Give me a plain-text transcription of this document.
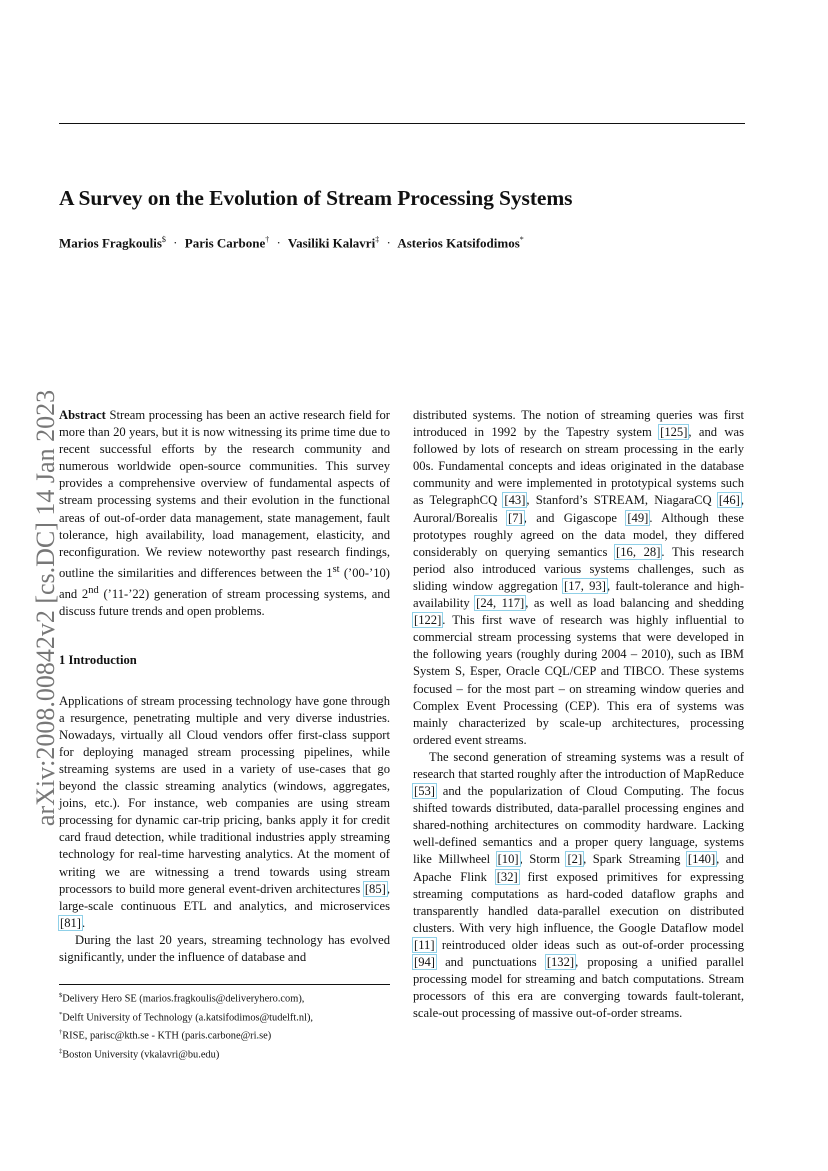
A Survey on the Evolution of Stream Processing Systems
Marios Fragkoulis$ · Paris Carbone† · Vasiliki Kalavri‡ · Asterios Katsifodimos*
arXiv:2008.00842v2 [cs.DC] 14 Jan 2023 Abstract Stream processing has been an active research field for more than 20 years, but it is now witnessing its prime time due to recent successful efforts by the research community and numerous worldwide open-source communities. This survey provides a comprehensive overview of fundamental aspects of stream processing systems and their evolution in the functional areas of out-of-order data management, state management, fault tolerance, high availability, load management, elasticity, and reconfiguration. We review noteworthy past research findings, outline the similarities and differences between the 1st (’00-’10) and 2nd (’11-’22) generation of stream processing systems, and discuss future trends and open problems.

1 Introduction

Applications of stream processing technology have gone through a resurgence, penetrating multiple and very diverse industries. Nowadays, virtually all Cloud vendors offer first-class support for deploying managed stream processing pipelines, while streaming systems are used in a variety of use-cases that go beyond the classic streaming analytics (windows, aggregates, joins, etc.). For instance, web companies are using stream processing for dynamic car-trip pricing, banks apply it for credit card fraud detection, while traditional industries apply streaming technology for real-time harvesting analytics. At the moment of writing we are witnessing a trend towards using stream processors to build more general event-driven architectures [85], large-scale continuous ETL and analytics, and microservices [81].

During the last 20 years, streaming technology has evolved significantly, under the influence of database and

$Delivery Hero SE (marios.fragkoulis@deliveryhero.com),

*Delft University of Technology (a.katsifodimos@tudelft.nl),

†RISE, parisc@kth.se - KTH (paris.carbone@ri.se)

‡Boston University (vkalavri@bu.edu)

distributed systems. The notion of streaming queries was first introduced in 1992 by the Tapestry system [125], and was followed by lots of research on stream processing in the early 00s. Fundamental concepts and ideas originated in the database community and were implemented in prototypical systems such as TelegraphCQ [43], Stanford’s STREAM, NiagaraCQ [46], Auroral/Borealis [7], and Gigascope [49]. Although these prototypes roughly agreed on the data model, they differed considerably on querying semantics [16, 28]. This research period also introduced various systems challenges, such as sliding window aggregation [17, 93], fault-tolerance and high-availability [24, 117], as well as load balancing and shedding [122]. This first wave of research was highly influential to commercial stream processing systems that were developed in the following years (roughly during 2004 – 2010), such as IBM System S, Esper, Oracle CQL/CEP and TIBCO. These systems focused – for the most part – on streaming window queries and Complex Event Processing (CEP). This era of systems was mainly characterized by scale-up architectures, processing ordered event streams.

The second generation of streaming systems was a result of research that started roughly after the introduction of MapReduce [53] and the popularization of Cloud Computing. The focus shifted towards distributed, data-parallel processing engines and shared-nothing architectures on commodity hardware. Lacking well-defined semantics and a proper query language, systems like Millwheel [10], Storm [2], Spark Streaming [140], and Apache Flink [32] first exposed primitives for expressing streaming computations as hard-coded dataflow graphs and transparently handled data-parallel execution on distributed clusters. With very high influence, the Google Dataflow model [11] reintroduced older ideas such as out-of-order processing [94] and punctuations [132], proposing a unified parallel processing model for streaming and batch computations. Stream processors of this era are converging towards fault-tolerant, scale-out processing of massive out-of-order streams.
